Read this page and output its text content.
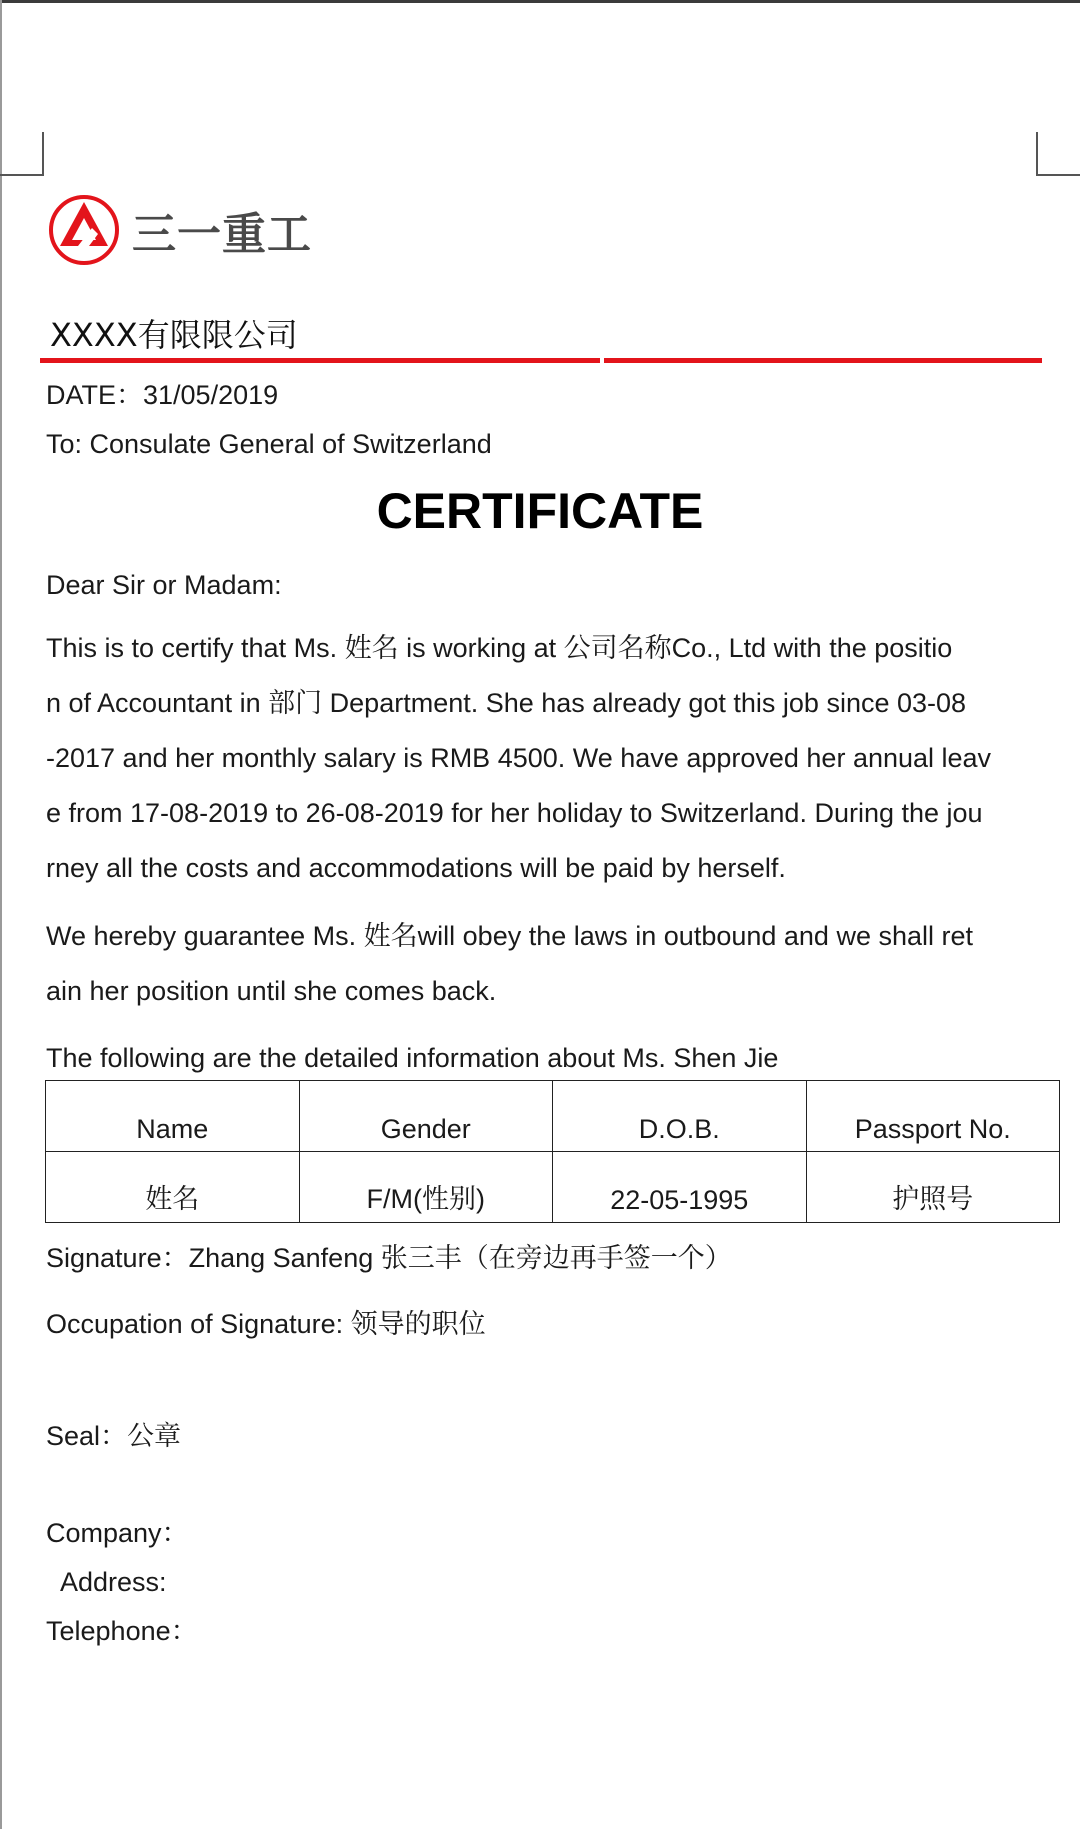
三一重工
XXXX有限限公司
DATE：31/05/2019
To: Consulate General of Switzerland
CERTIFICATE
Dear Sir or Madam:
This is to certify that Ms. 姓名 is working at 公司名称Co., Ltd with the positio
n of Accountant in 部门 Department. She has already got this job since 03-08
-2017 and her monthly salary is RMB 4500. We have approved her annual leav
e from 17-08-2019 to 26-08-2019 for her holiday to Switzerland. During the jou
rney all the costs and accommodations will be paid by herself.
We hereby guarantee Ms. 姓名will obey the laws in outbound and we shall ret
ain her position until she comes back.
The following are the detailed information about Ms. Shen Jie
Name	Gender	D.O.B.	Passport No.
姓名	F/M(性别)	22-05-1995	护照号
Signature：Zhang Sanfeng 张三丰（在旁边再手签一个）
Occupation of Signature: 领导的职位
Seal：公章
Company：
Address:
Telephone：
